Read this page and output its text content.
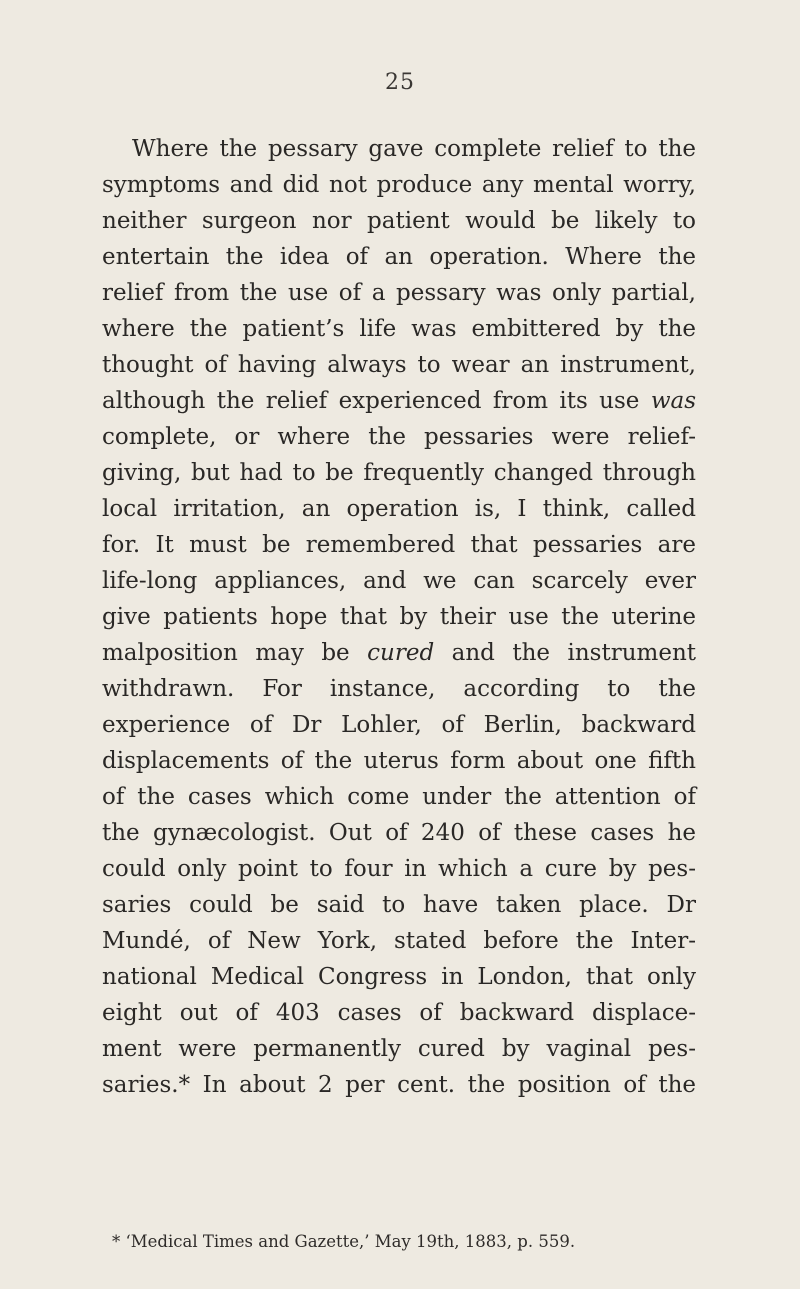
25
Where the pessary gave complete relief to the
symptoms and did not produce any mental worry,
neither surgeon nor patient would be likely to
entertain the idea of an operation. Where the
relief from the use of a pessary was only partial,
where the patient’s life was embittered by the
thought of having always to wear an instrument,
although the relief experienced from its use was
complete, or where the pessaries were relief-
giving, but had to be frequently changed through
local irritation, an operation is, I think, called
for. It must be remembered that pessaries are
life-long appliances, and we can scarcely ever
give patients hope that by their use the uterine
malposition may be cured and the instrument
withdrawn. For instance, according to the
experience of Dr Lohler, of Berlin, backward
displacements of the uterus form about one fifth
of the cases which come under the attention of
the gynæcologist. Out of 240 of these cases he
could only point to four in which a cure by pes-
saries could be said to have taken place. Dr
Mundé, of New York, stated before the Inter-
national Medical Congress in London, that only
eight out of 403 cases of backward displace-
ment were permanently cured by vaginal pes-
saries.* In about 2 per cent. the position of the
* ‘Medical Times and Gazette,’ May 19th, 1883, p. 559.
